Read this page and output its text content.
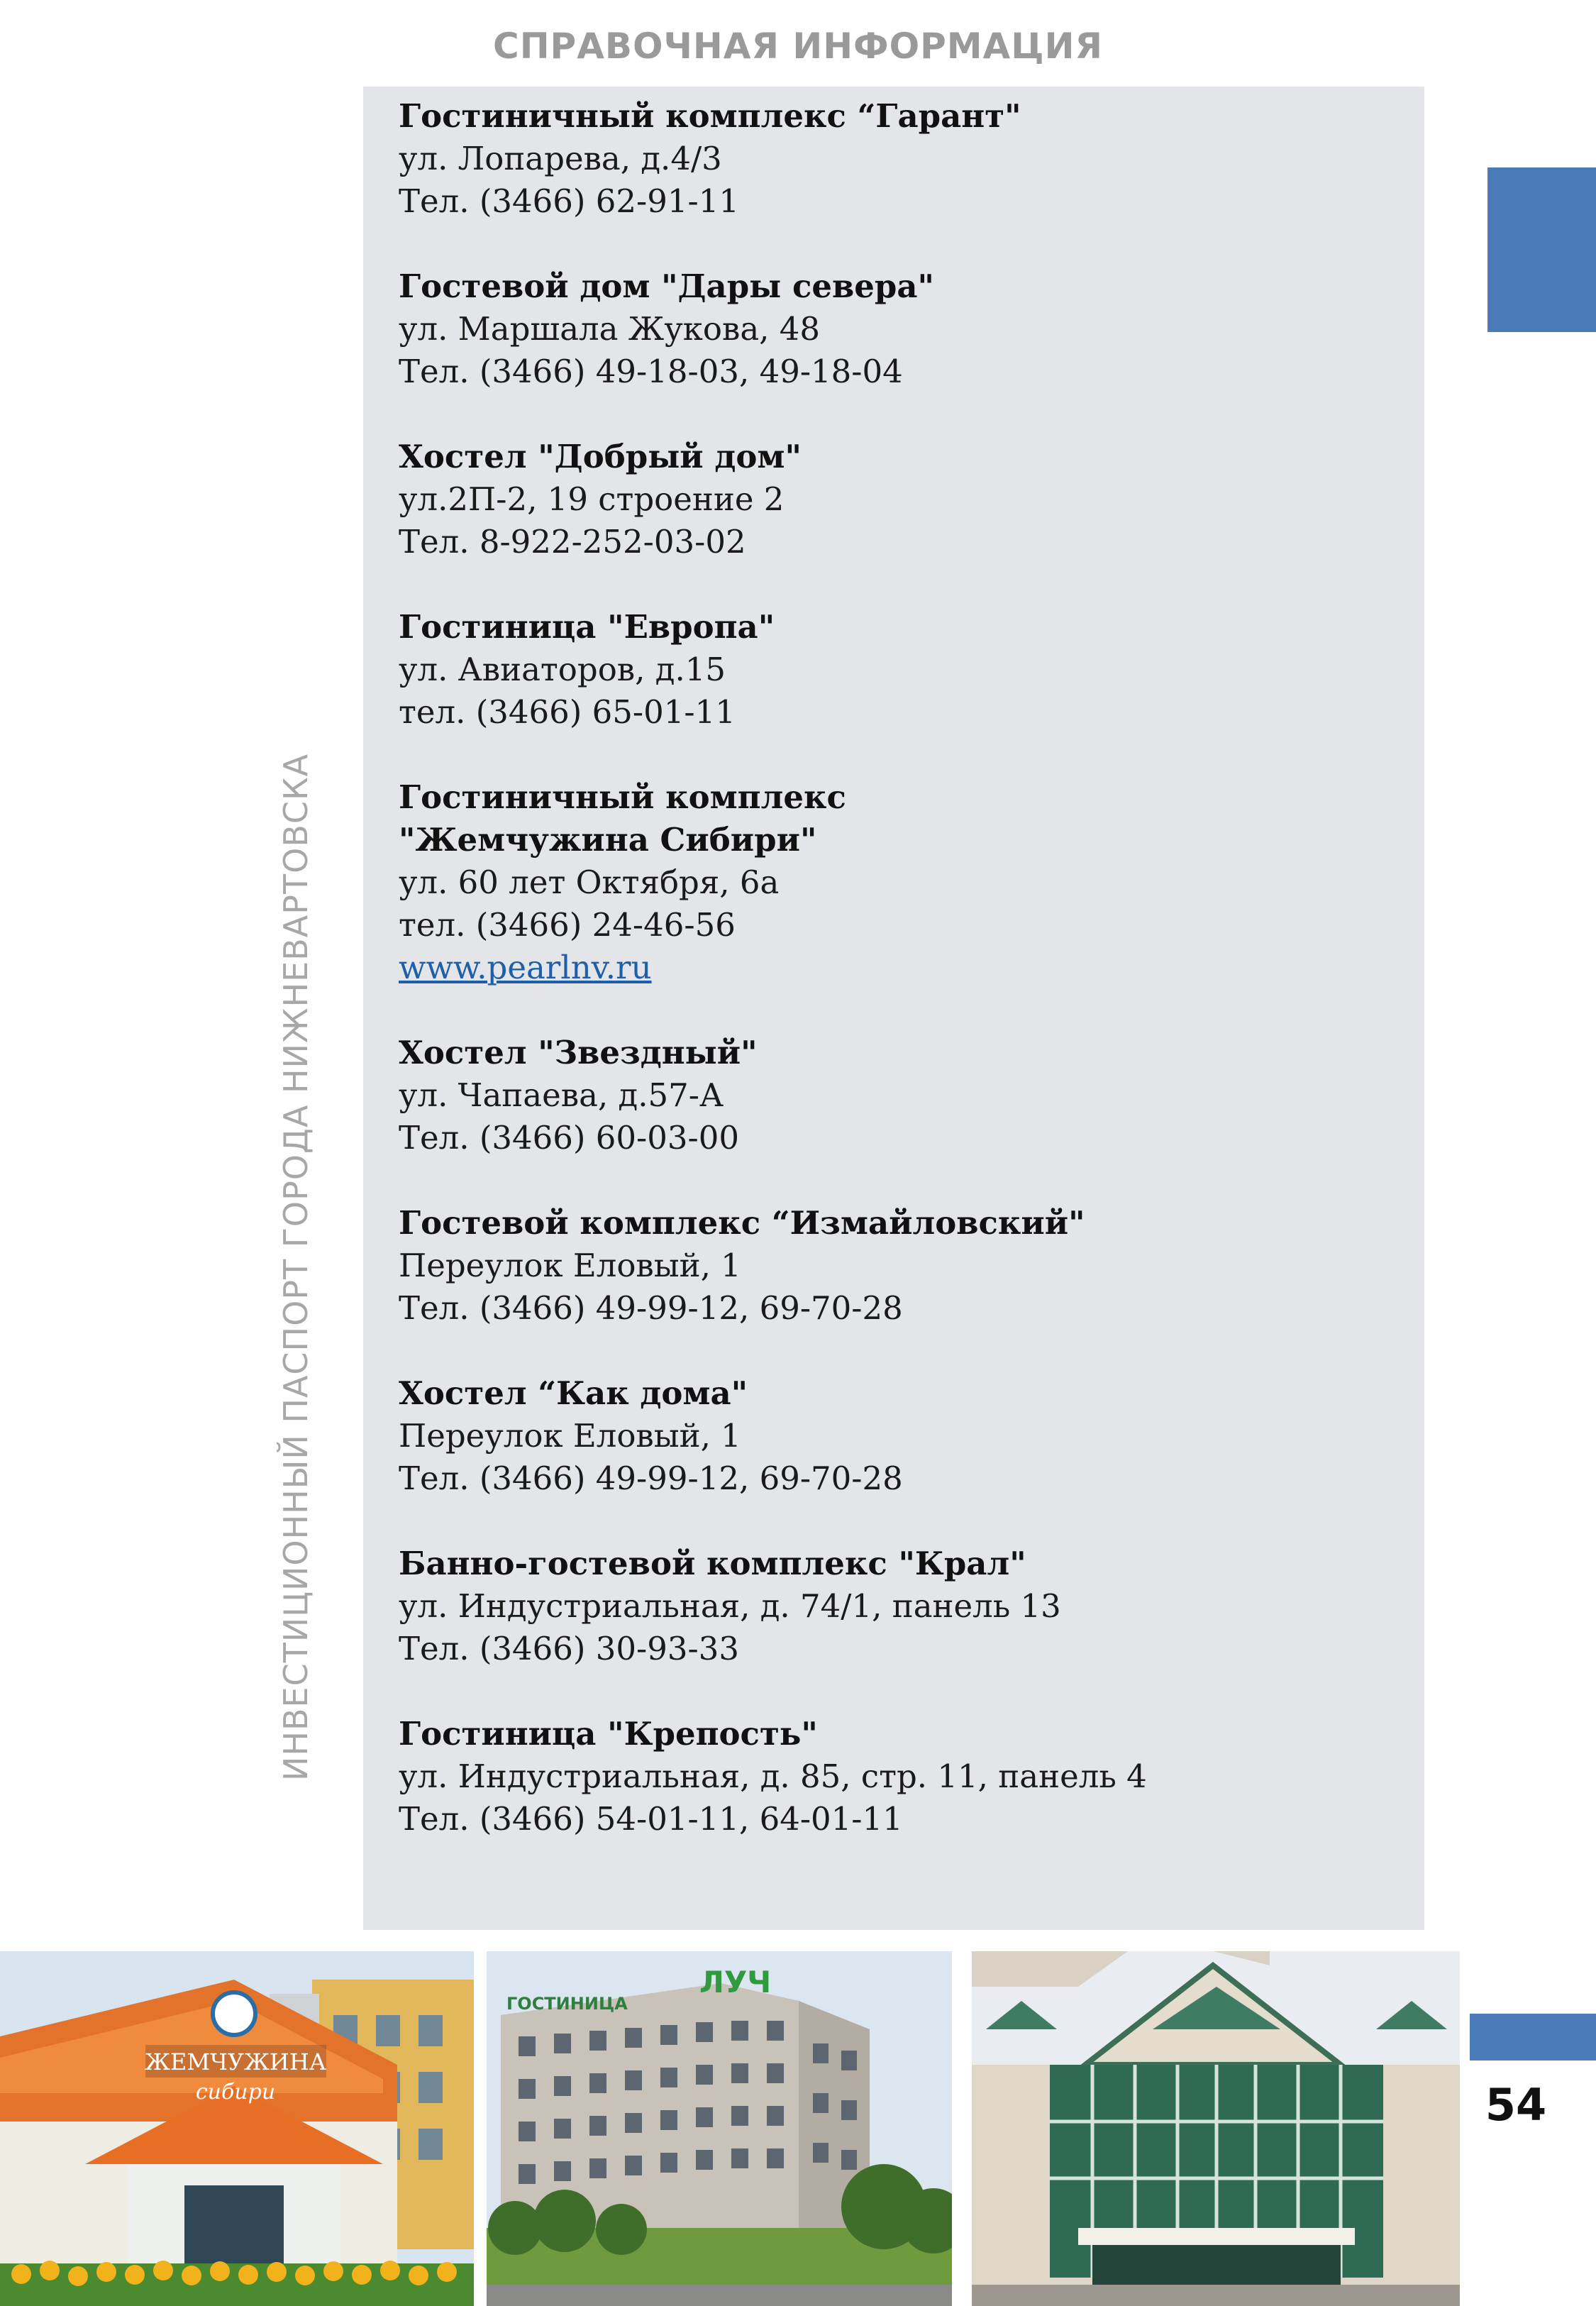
СПРАВОЧНАЯ ИНФОРМАЦИЯ
Гостиничный комплекс “Гарант"
ул. Лопарева, д.4/3
Тел. (3466) 62-91-11
Гостевой дом "Дары севера"
ул. Маршала Жукова, 48
Тел. (3466) 49-18-03, 49-18-04
Хостел "Добрый дом"
ул.2П-2, 19 строение 2
Тел. 8-922-252-03-02
Гостиница "Европа"
ул. Авиаторов, д.15
тел. (3466) 65-01-11
Гостиничный комплекс
"Жемчужина Сибири"
ул. 60 лет Октября, 6а
тел. (3466) 24-46-56
www.pearlnv.ru
Хостел "Звездный"
ул. Чапаева, д.57-А
Тел. (3466) 60-03-00
Гостевой комплекс “Измайловский"
Переулок Еловый, 1
Тел. (3466) 49-99-12, 69-70-28
Хостел “Как дома"
Переулок Еловый, 1
Тел. (3466) 49-99-12, 69-70-28
Банно-гостевой комплекс "Крал"
ул. Индустриальная, д. 74/1, панель 13
Тел. (3466) 30-93-33
Гостиница "Крепость"
ул. Индустриальная, д. 85, стр. 11, панель 4
Тел. (3466) 54-01-11, 64-01-11
ИНВЕСТИЦИОННЫЙ ПАСПОРТ ГОРОДА НИЖНЕВАРТОВСКА
54
ЖЕМЧУЖИНА
сибири
ГОСТИНИЦА
ЛУЧ
